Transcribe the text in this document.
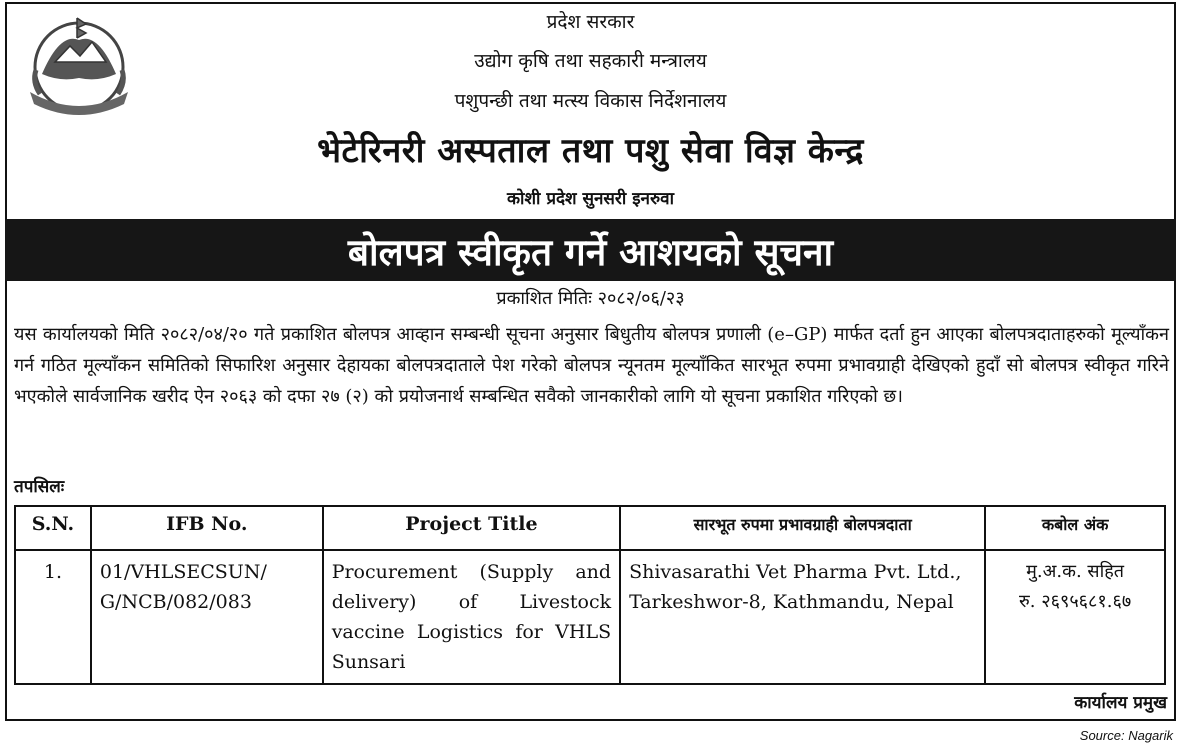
प्रदेश सरकार
उद्योग कृषि तथा सहकारी मन्त्रालय
पशुपन्छी तथा मत्स्य विकास निर्देशनालय
भेटेरिनरी अस्पताल तथा पशु सेवा विज्ञ केन्द्र
कोशी प्रदेश सुनसरी इनरुवा
बोलपत्र स्वीकृत गर्ने आशयको सूचना
प्रकाशित मितिः २०८२/०६/२३

यस कार्यालयको मिति २०८२/०४/२० गते प्रकाशित बोलपत्र आव्हान सम्बन्धी सूचना अनुसार बिधुतीय बोलपत्र प्रणाली (e–GP) मार्फत दर्ता हुन आएका बोलपत्रदाताहरुको मूल्यॉंकन गर्न गठित मूल्यॉंकन समितिको सिफारिश अनुसार देहायका बोलपत्रदाताले पेश गरेको बोलपत्र न्यूनतम मूल्यॉंकित सारभूत रुपमा प्रभावग्राही देखिएको हुदॉं सो बोलपत्र स्वीकृत गरिने भएकोले सार्वजानिक खरीद ऐन २०६३ को दफा २७ (२) को प्रयोजनार्थ सम्बन्धित सवैको जानकारीको लागि यो सूचना प्रकाशित गरिएको छ।

तपसिलः
S.N.	IFB No.	Project Title	सारभूत रुपमा प्रभावग्राही बोलपत्रदाता	कबोल अंक
1.	01/VHLSECSUN/ G/NCB/082/083	Procurement (Supply and delivery) of Livestock vaccine Logistics for VHLS Sunsari	Shivasarathi Vet Pharma Pvt. Ltd., Tarkeshwor-8, Kathmandu, Nepal	मु.अ.क. सहित
रु. २६९५६८१.६७
कार्यालय प्रमुख
Source: Nagarik
